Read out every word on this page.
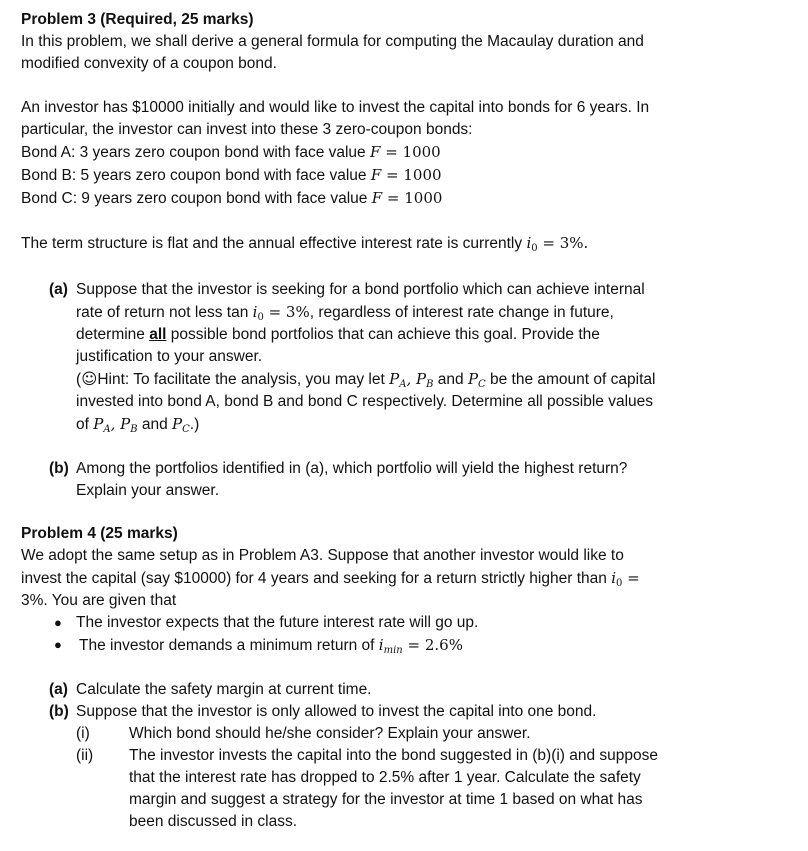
Problem 3 (Required, 25 marks)
In this problem, we shall derive a general formula for computing the Macaulay duration and
modified convexity of a coupon bond.
An investor has $10000 initially and would like to invest the capital into bonds for 6 years. In
particular, the investor can invest into these 3 zero-coupon bonds:
Bond A: 3 years zero coupon bond with face value F = 1000
Bond B: 5 years zero coupon bond with face value F = 1000
Bond C: 9 years zero coupon bond with face value F = 1000
The term structure is flat and the annual effective interest rate is currently $i_0 = 3\%$.
(a) Suppose that the investor is seeking for a bond portfolio which can achieve internal
rate of return not less $\tan i_0 = 3\%$, regardless of interest rate change in future,
determine all possible bond portfolios that can achieve this goal. Provide the
justification to your answer.
(☺Hint: To facilitate the analysis, you may let $P_A$, $P_B$ and $P_C$ be the amount of capital
invested into bond A, bond B and bond C respectively. Determine all possible values
of $P_A$, $P_B$ and $P_C$.)
(b) Among the portfolios identified in (a), which portfolio will yield the highest return?
Explain your answer.
Problem 4 (25 marks)
We adopt the same setup as in Problem A3. Suppose that another investor would like to
invest the capital (say $10000) for 4 years and seeking for a return strictly higher than $i_0$ =
3%. You are given that
● The investor expects that the future interest rate will go up.
● The investor demands a minimum return of $i_{min} = 2.6\%$
(a) Calculate the safety margin at current time.
(b) Suppose that the investor is only allowed to invest the capital into one bond.
(i)	Which bond should he/she consider? Explain your answer.
(ii) The investor invests the capital into the bond suggested in (b)(i) and suppose
that the interest rate has dropped to 2.5% after 1 year. Calculate the safety
margin and suggest a strategy for the investor at time 1 based on what has
been discussed in class.
